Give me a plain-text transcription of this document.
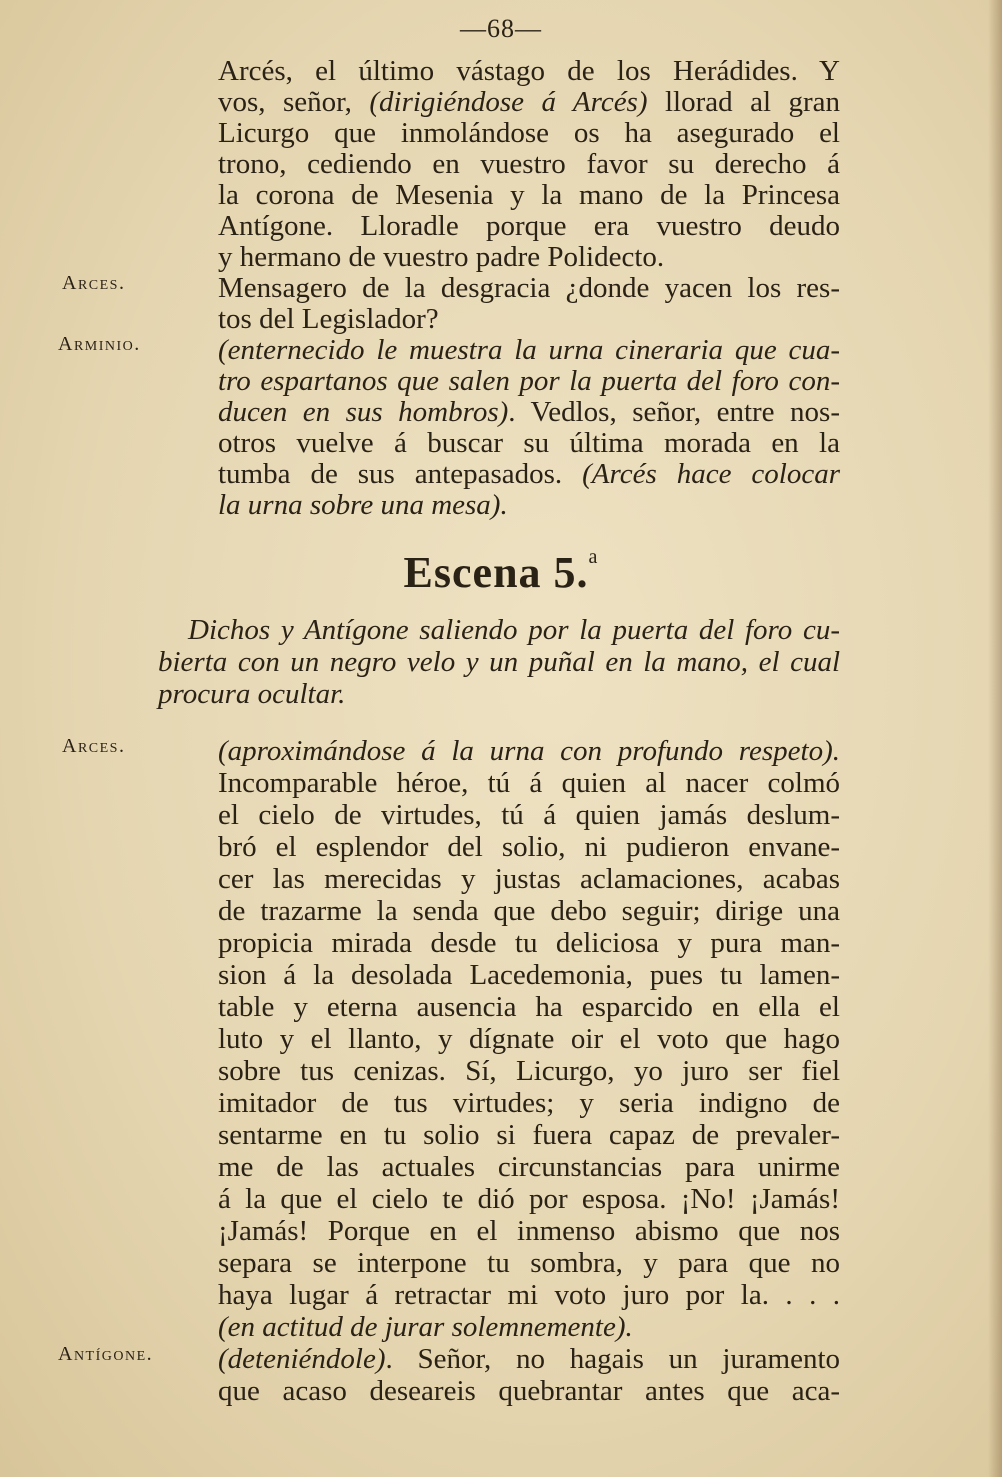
—68—
Arcés, el último vástago de los Herádides. Y
vos, señor, (dirigiéndose á Arcés) llorad al gran
Licurgo que inmolándose os ha asegurado el
trono, cediendo en vuestro favor su derecho á
la corona de Mesenia y la mano de la Princesa
Antígone. Lloradle porque era vuestro deudo
y hermano de vuestro padre Polidecto.
Arces.	Mensagero de la desgracia ¿donde yacen los res-
tos del Legislador?
Arminio.	(enternecido le muestra la urna cineraria que cua-
tro espartanos que salen por la puerta del foro con-
ducen en sus hombros). Vedlos, señor, entre nos-
otros vuelve á buscar su última morada en la
tumba de sus antepasados. (Arcés hace colocar
la urna sobre una mesa).
Escena 5.$^a$
Dichos y Antígone saliendo por la puerta del foro cu-
bierta con un negro velo y un puñal en la mano, el cual
procura ocultar.
Arces.	(aproximándose á la urna con profundo respeto).
Incomparable héroe, tú á quien al nacer colmó
el cielo de virtudes, tú á quien jamás deslum-
bró el esplendor del solio, ni pudieron envane-
cer las merecidas y justas aclamaciones, acabas
de trazarme la senda que debo seguir; dirige una
propicia mirada desde tu deliciosa y pura man-
sion á la desolada Lacedemonia, pues tu lamen-
table y eterna ausencia ha esparcido en ella el
luto y el llanto, y dígnate oir el voto que hago
sobre tus cenizas. Sí, Licurgo, yo juro ser fiel
imitador de tus virtudes; y seria indigno de
sentarme en tu solio si fuera capaz de prevaler-
me de las actuales circunstancias para unirme
á la que el cielo te dió por esposa. ¡No! ¡Jamás!
¡Jamás! Porque en el inmenso abismo que nos
separa se interpone tu sombra, y para que no
haya lugar á retractar mi voto juro por la. . . .
(en actitud de jurar solemnemente).
Antígone. (deteniéndole). Señor, no hagais un juramento
que acaso deseareis quebrantar antes que aca-
